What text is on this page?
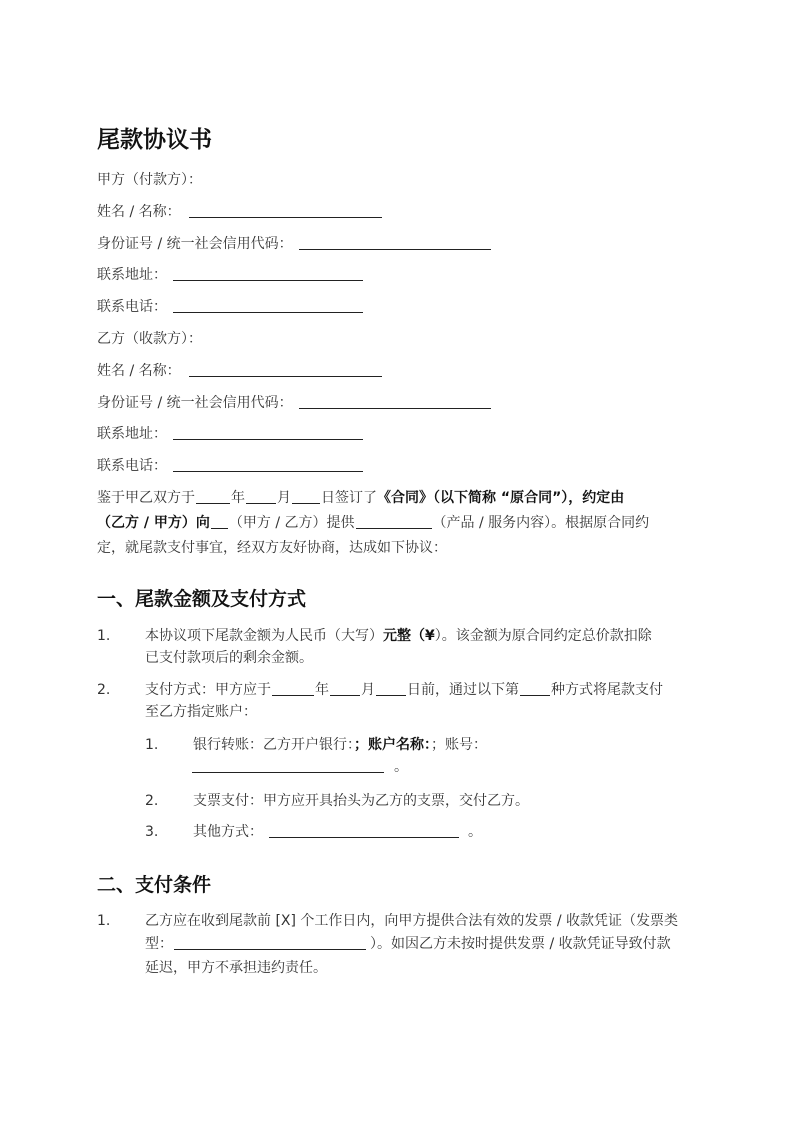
尾款协议书
甲方（付款方）：
姓名 / 名称：
身份证号 / 统一社会信用代码：
联系地址：
联系电话：
乙方（收款方）：
姓名 / 名称：
身份证号 / 统一社会信用代码：
联系地址：
联系电话：
鉴于甲乙双方于	年 月 日签订了《合同》（以下简称 “原合同”），约定由
（乙方 / 甲方）向 （甲方 / 乙方）提供	（产品 / 服务内容）。根据原合同约
定，就尾款支付事宜，经双方友好协商，达成如下协议：
一、尾款金额及支付方式
1. 本协议项下尾款金额为人民币（大写）元整（¥）。该金额为原合同约定总价款扣除
已支付款项后的剩余金额。
2. 支付方式：甲方应于	年 月 日前，通过以下第 种方式将尾款支付
至乙方指定账户：
1. 银行转账：乙方开户银行：；账户名称：；账号：
。
2. 支票支付：甲方应开具抬头为乙方的支票，交付乙方。
3. 其他方式：	。
二、支付条件
1. 乙方应在收到尾款前 [X] 个工作日内，向甲方提供合法有效的发票 / 收款凭证（发票类
型：	）。如因乙方未按时提供发票 / 收款凭证导致付款
延迟，甲方不承担违约责任。
